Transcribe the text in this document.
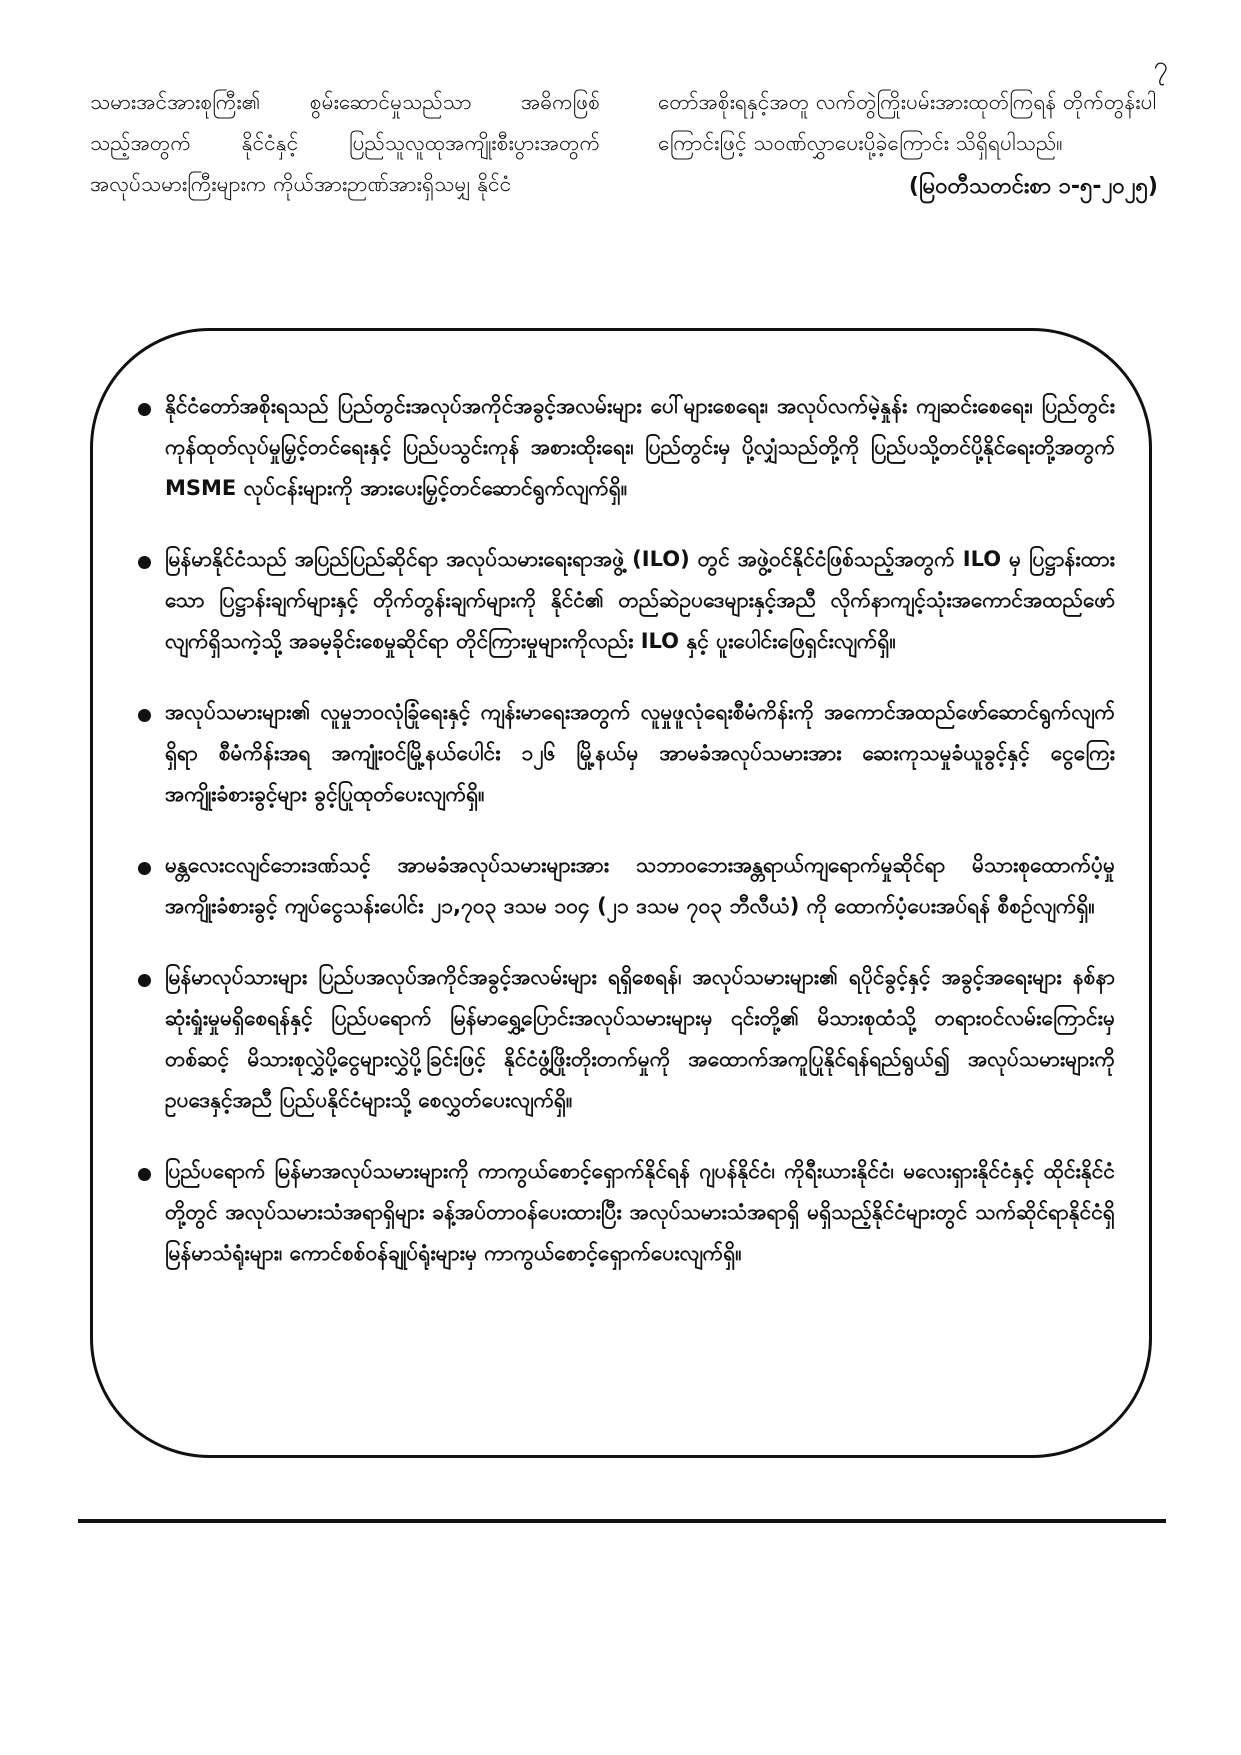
၇
သမားအင်အားစုကြီး၏ စွမ်းဆောင်မှုသည်သာ အဓိကဖြစ်သည့်အတွက် နိုင်ငံနှင့် ပြည်သူလူထုအကျိုးစီးပွားအတွက် အလုပ်သမားကြီးများက ကိုယ်အားဉာဏ်အားရှိသမျှ နိုင်ငံ
တော်အစိုးရနှင့်အတူ လက်တွဲကြိုးပမ်းအားထုတ်ကြရန် တိုက်တွန်းပါကြောင်းဖြင့် သဝဏ်လွှာပေးပို့ခဲ့ကြောင်း သိရှိရပါသည်။
(မြဝတီသတင်းစာ ၁-၅-၂၀၂၅)
နိုင်ငံတော်အစိုးရသည် ပြည်တွင်းအလုပ်အကိုင်အခွင့်အလမ်းများ ပေါ်များစေရေး၊ အလုပ်လက်မဲ့နှုန်း ကျဆင်းစေရေး၊ ပြည်တွင်းကုန်ထုတ်လုပ်မှုမြှင့်တင်ရေးနှင့် ပြည်ပသွင်းကုန် အစားထိုးရေး၊ ပြည်တွင်းမှ ပို့လျှံသည်တို့ကို ပြည်ပသို့တင်ပို့နိုင်ရေးတို့အတွက် MSME လုပ်ငန်းများကို အားပေးမြှင့်တင်ဆောင်ရွက်လျက်ရှိ။
မြန်မာနိုင်ငံသည် အပြည်ပြည်ဆိုင်ရာ အလုပ်သမားရေးရာအဖွဲ့ (ILO) တွင် အဖွဲ့ဝင်နိုင်ငံဖြစ်သည့်အတွက် ILO မှ ပြဋ္ဌာန်းထားသော ပြဋ္ဌာန်းချက်များနှင့် တိုက်တွန်းချက်များကို နိုင်ငံ၏ တည်ဆဲဥပဒေများနှင့်အညီ လိုက်နာကျင့်သုံးအကောင်အထည်ဖော်လျက်ရှိသကဲ့သို့ အခမ့ခိုင်းစေမှုဆိုင်ရာ တိုင်ကြားမှုများကိုလည်း ILO နှင့် ပူးပေါင်းဖြေရှင်းလျက်ရှိ။
အလုပ်သမားများ၏ လူမှုဘဝလုံခြုံရေးနှင့် ကျန်းမာရေးအတွက် လူမှုဖူလုံရေးစီမံကိန်းကို အကောင်အထည်ဖော်ဆောင်ရွက်လျက်ရှိရာ စီမံကိန်းအရ အကျုံးဝင်မြို့နယ်ပေါင်း ၁၂၆ မြို့နယ်မှ အာမခံအလုပ်သမားအား ဆေးကုသမှုခံယူခွင့်နှင့် ငွေကြေးအကျိုးခံစားခွင့်များ ခွင့်ပြုထုတ်ပေးလျက်ရှိ။
မန္တလေးငလျင်ဘေးဒဏ်သင့် အာမခံအလုပ်သမားများအား သဘာဝဘေးအန္တရာယ်ကျရောက်မှုဆိုင်ရာ မိသားစုထောက်ပံ့မှုအကျိုးခံစားခွင့် ကျပ်ငွေသန်းပေါင်း ၂၁,၇၀၃ ဒသမ ၁၀၄ (၂၁ ဒသမ ၇၀၃ ဘီလီယံ) ကို ထောက်ပံ့ပေးအပ်ရန် စီစဉ်လျက်ရှိ။
မြန်မာလုပ်သားများ ပြည်ပအလုပ်အကိုင်အခွင့်အလမ်းများ ရရှိစေရန်၊ အလုပ်သမားများ၏ ရပိုင်ခွင့်နှင့် အခွင့်အရေးများ နစ်နာဆုံးရှုံးမှုမရှိစေရန်နှင့် ပြည်ပရောက် မြန်မာရွှေ့ပြောင်းအလုပ်သမားများမှ ၎င်းတို့၏ မိသားစုထံသို့ တရားဝင်လမ်းကြောင်းမှတစ်ဆင့် မိသားစုလွှဲပို့ငွေများလွှဲပို့ခြင်းဖြင့် နိုင်ငံဖွံ့ဖြိုးတိုးတက်မှုကို အထောက်အကူပြုနိုင်ရန်ရည်ရွယ်၍ အလုပ်သမားများကို ဥပဒေနှင့်အညီ ပြည်ပနိုင်ငံများသို့ စေလွှတ်ပေးလျက်ရှိ။
ပြည်ပရောက် မြန်မာအလုပ်သမားများကို ကာကွယ်စောင့်ရှောက်နိုင်ရန် ဂျပန်နိုင်ငံ၊ ကိုရီးယားနိုင်ငံ၊ မလေးရှားနိုင်ငံနှင့် ထိုင်းနိုင်ငံတို့တွင် အလုပ်သမားသံအရာရှိများ ခန့်အပ်တာဝန်ပေးထားပြီး အလုပ်သမားသံအရာရှိ မရှိသည့်နိုင်ငံများတွင် သက်ဆိုင်ရာနိုင်ငံရှိ မြန်မာသံရုံးများ၊ ကောင်စစ်ဝန်ချုပ်ရုံးများမှ ကာကွယ်စောင့်ရှောက်ပေးလျက်ရှိ။
